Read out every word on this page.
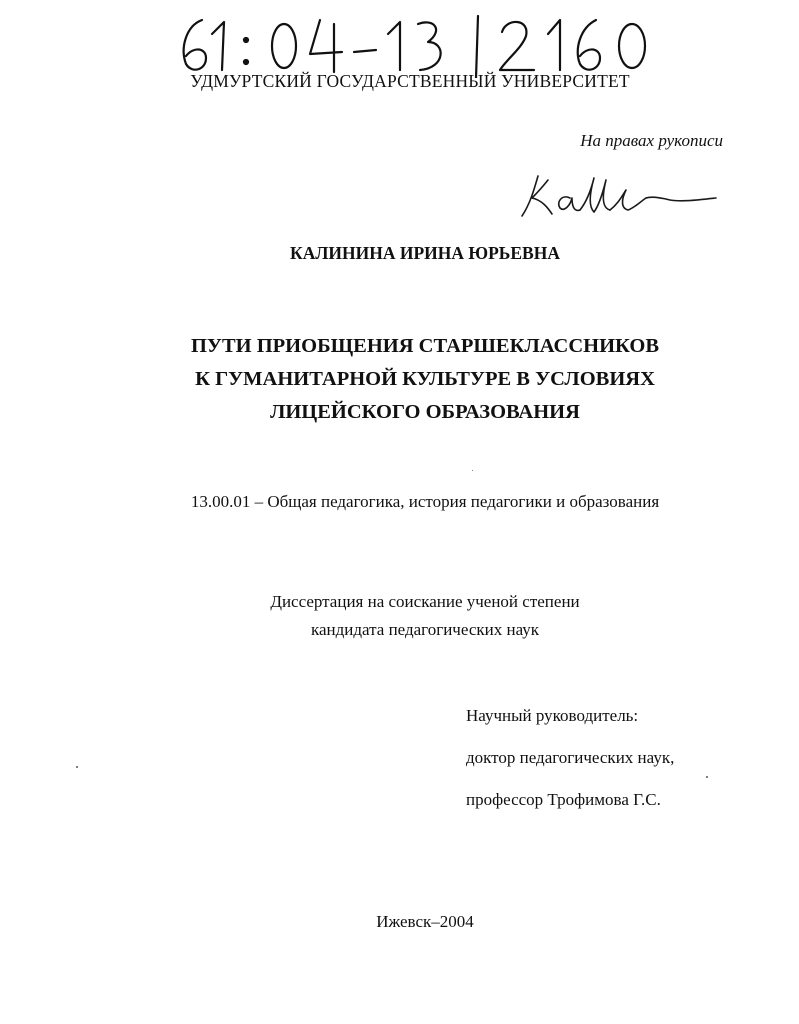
УДМУРТСКИЙ ГОСУДАРСТВЕННЫЙ УНИВЕРСИТЕТ
На правах рукописи
КАЛИНИНА ИРИНА ЮРЬЕВНА
ПУТИ ПРИОБЩЕНИЯ СТАРШЕКЛАССНИКОВ
К ГУМАНИТАРНОЙ КУЛЬТУРЕ В УСЛОВИЯХ
ЛИЦЕЙСКОГО ОБРАЗОВАНИЯ
13.00.01 – Общая педагогика, история педагогики и образования
Диссертация на соискание ученой степени
кандидата педагогических наук
Научный руководитель:
доктор педагогических наук,
профессор Трофимова Г.С.
Ижевск–2004
